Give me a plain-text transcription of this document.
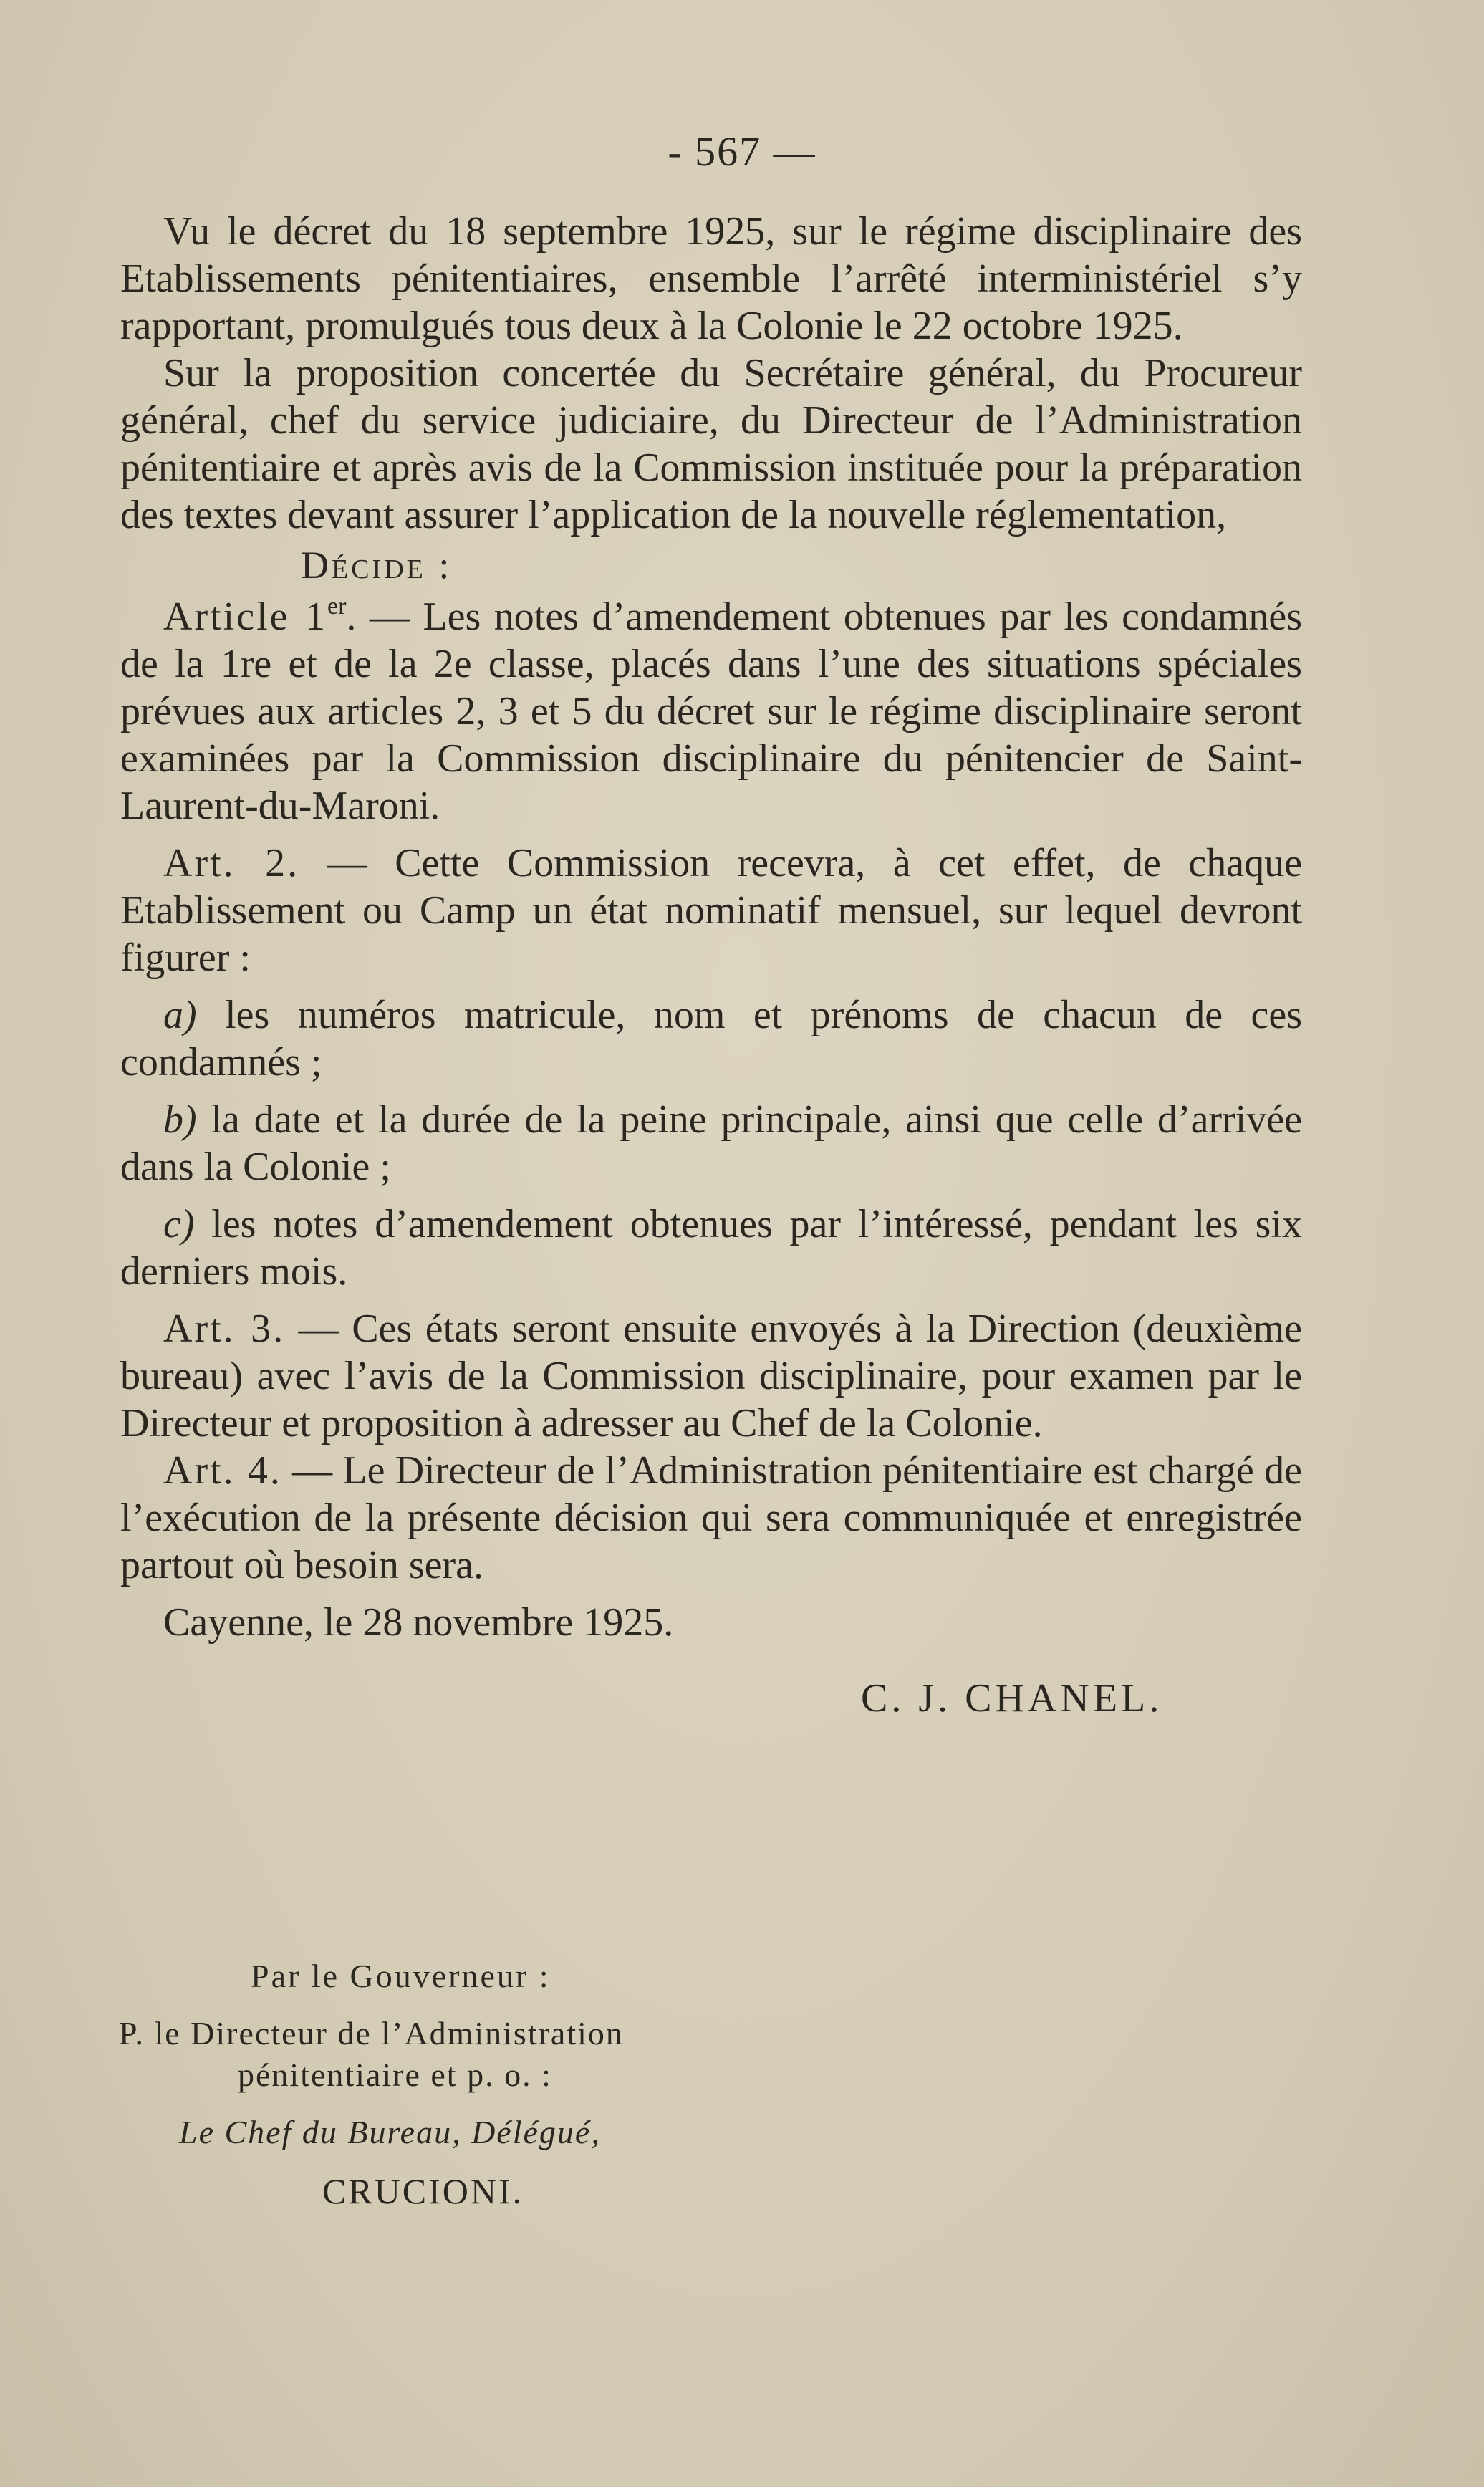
- 567 —

Vu le décret du 18 septembre 1925, sur le régime disciplinaire des Etablissements pénitentiaires, ensemble l’arrêté interministériel s’y rapportant, promulgués tous deux à la Colonie le 22 octobre 1925.

Sur la proposition concertée du Secrétaire général, du Procureur général, chef du service judiciaire, du Directeur de l’Administration pénitentiaire et après avis de la Commission instituée pour la préparation des textes devant assurer l’application de la nouvelle réglementation,

Décide :

Article 1er. — Les notes d’amendement obtenues par les condamnés de la 1re et de la 2e classe, placés dans l’une des situations spéciales prévues aux articles 2, 3 et 5 du décret sur le régime disciplinaire seront examinées par la Commission disciplinaire du pénitencier de Saint-Laurent-du-Maroni.

Art. 2. — Cette Commission recevra, à cet effet, de chaque Etablissement ou Camp un état nominatif mensuel, sur lequel devront figurer :

a) les numéros matricule, nom et prénoms de chacun de ces condamnés ;

b) la date et la durée de la peine principale, ainsi que celle d’arrivée dans la Colonie ;

c) les notes d’amendement obtenues par l’intéressé, pendant les six derniers mois.

Art. 3. — Ces états seront ensuite envoyés à la Direction (deuxième bureau) avec l’avis de la Commission disciplinaire, pour examen par le Directeur et proposition à adresser au Chef de la Colonie.

Art. 4. — Le Directeur de l’Administration pénitentiaire est chargé de l’exécution de la présente décision qui sera communiquée et enregistrée partout où besoin sera.

Cayenne, le 28 novembre 1925.

C. J. CHANEL.
Par le Gouverneur :
P. le Directeur de l’Administration
pénitentiaire et p. o. :
Le Chef du Bureau, Délégué,
CRUCIONI.
